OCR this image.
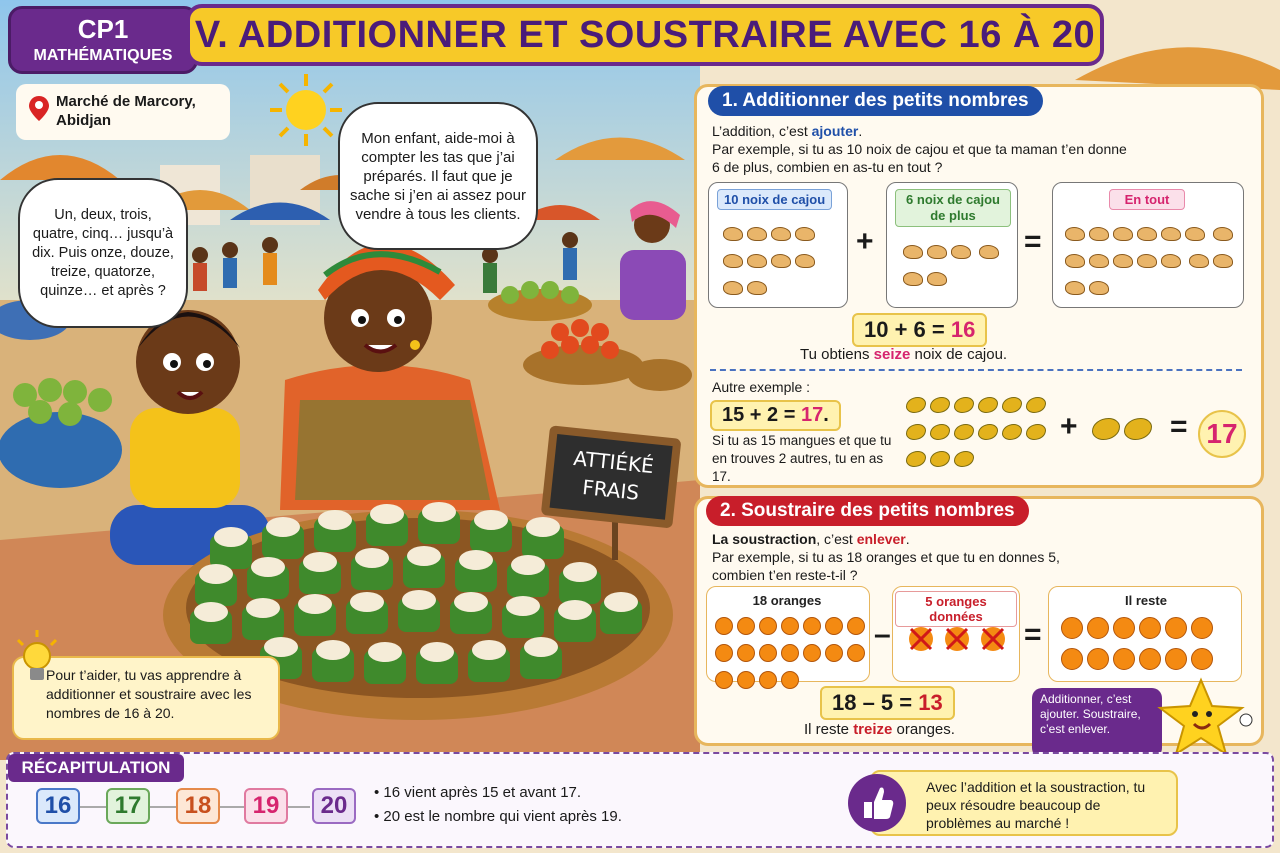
CP1
MATHÉMATIQUES V. ADDITIONNER ET SOUSTRAIRE AVEC 16 À 20
Marché de Marcory,
Abidjan
Un, deux, trois, quatre, cinq… jusqu’à dix. Puis onze, douze, treize, quatorze, quinze… et après ?
Mon enfant, aide-moi à compter les tas que j’ai préparés. Il faut que je sache si j’en ai assez pour vendre à tous les clients.
ATTIÉKÉ
FRAIS
Pour t’aider, tu vas apprendre à additionner et soustraire avec les nombres de 16 à 20.
1. Additionner des petits nombres
L’addition, c’est ajouter.
Par exemple, si tu as 10 noix de cajou et que ta maman t’en donne 6 de plus, combien en as-tu en tout ?
10 noix de cajou

+
6 noix de cajou de plus

=
En tout

10 + 6 = 16
Tu obtiens seize noix de cajou.
Autre exemple :
15 + 2 = 17.
Si tu as 15 mangues et que tu en trouves 2 autres, tu en as 17.

+	= 17
2. Soustraire des petits nombres
La soustraction, c’est enlever.
Par exemple, si tu as 18 oranges et que tu en donnes 5, combien t’en reste-t-il ?
18 oranges

–
5 oranges données
=
Il reste

18 – 5 = 13
Il reste treize oranges.
Additionner, c’est ajouter. Soustraire, c’est enlever.
RÉCAPITULATION
16	17	18	19	20	• 16 vient après 15 et avant 17.
• 20 est le nombre qui vient après 19.
Avec l’addition et la soustraction, tu peux résoudre beaucoup de problèmes au marché !
